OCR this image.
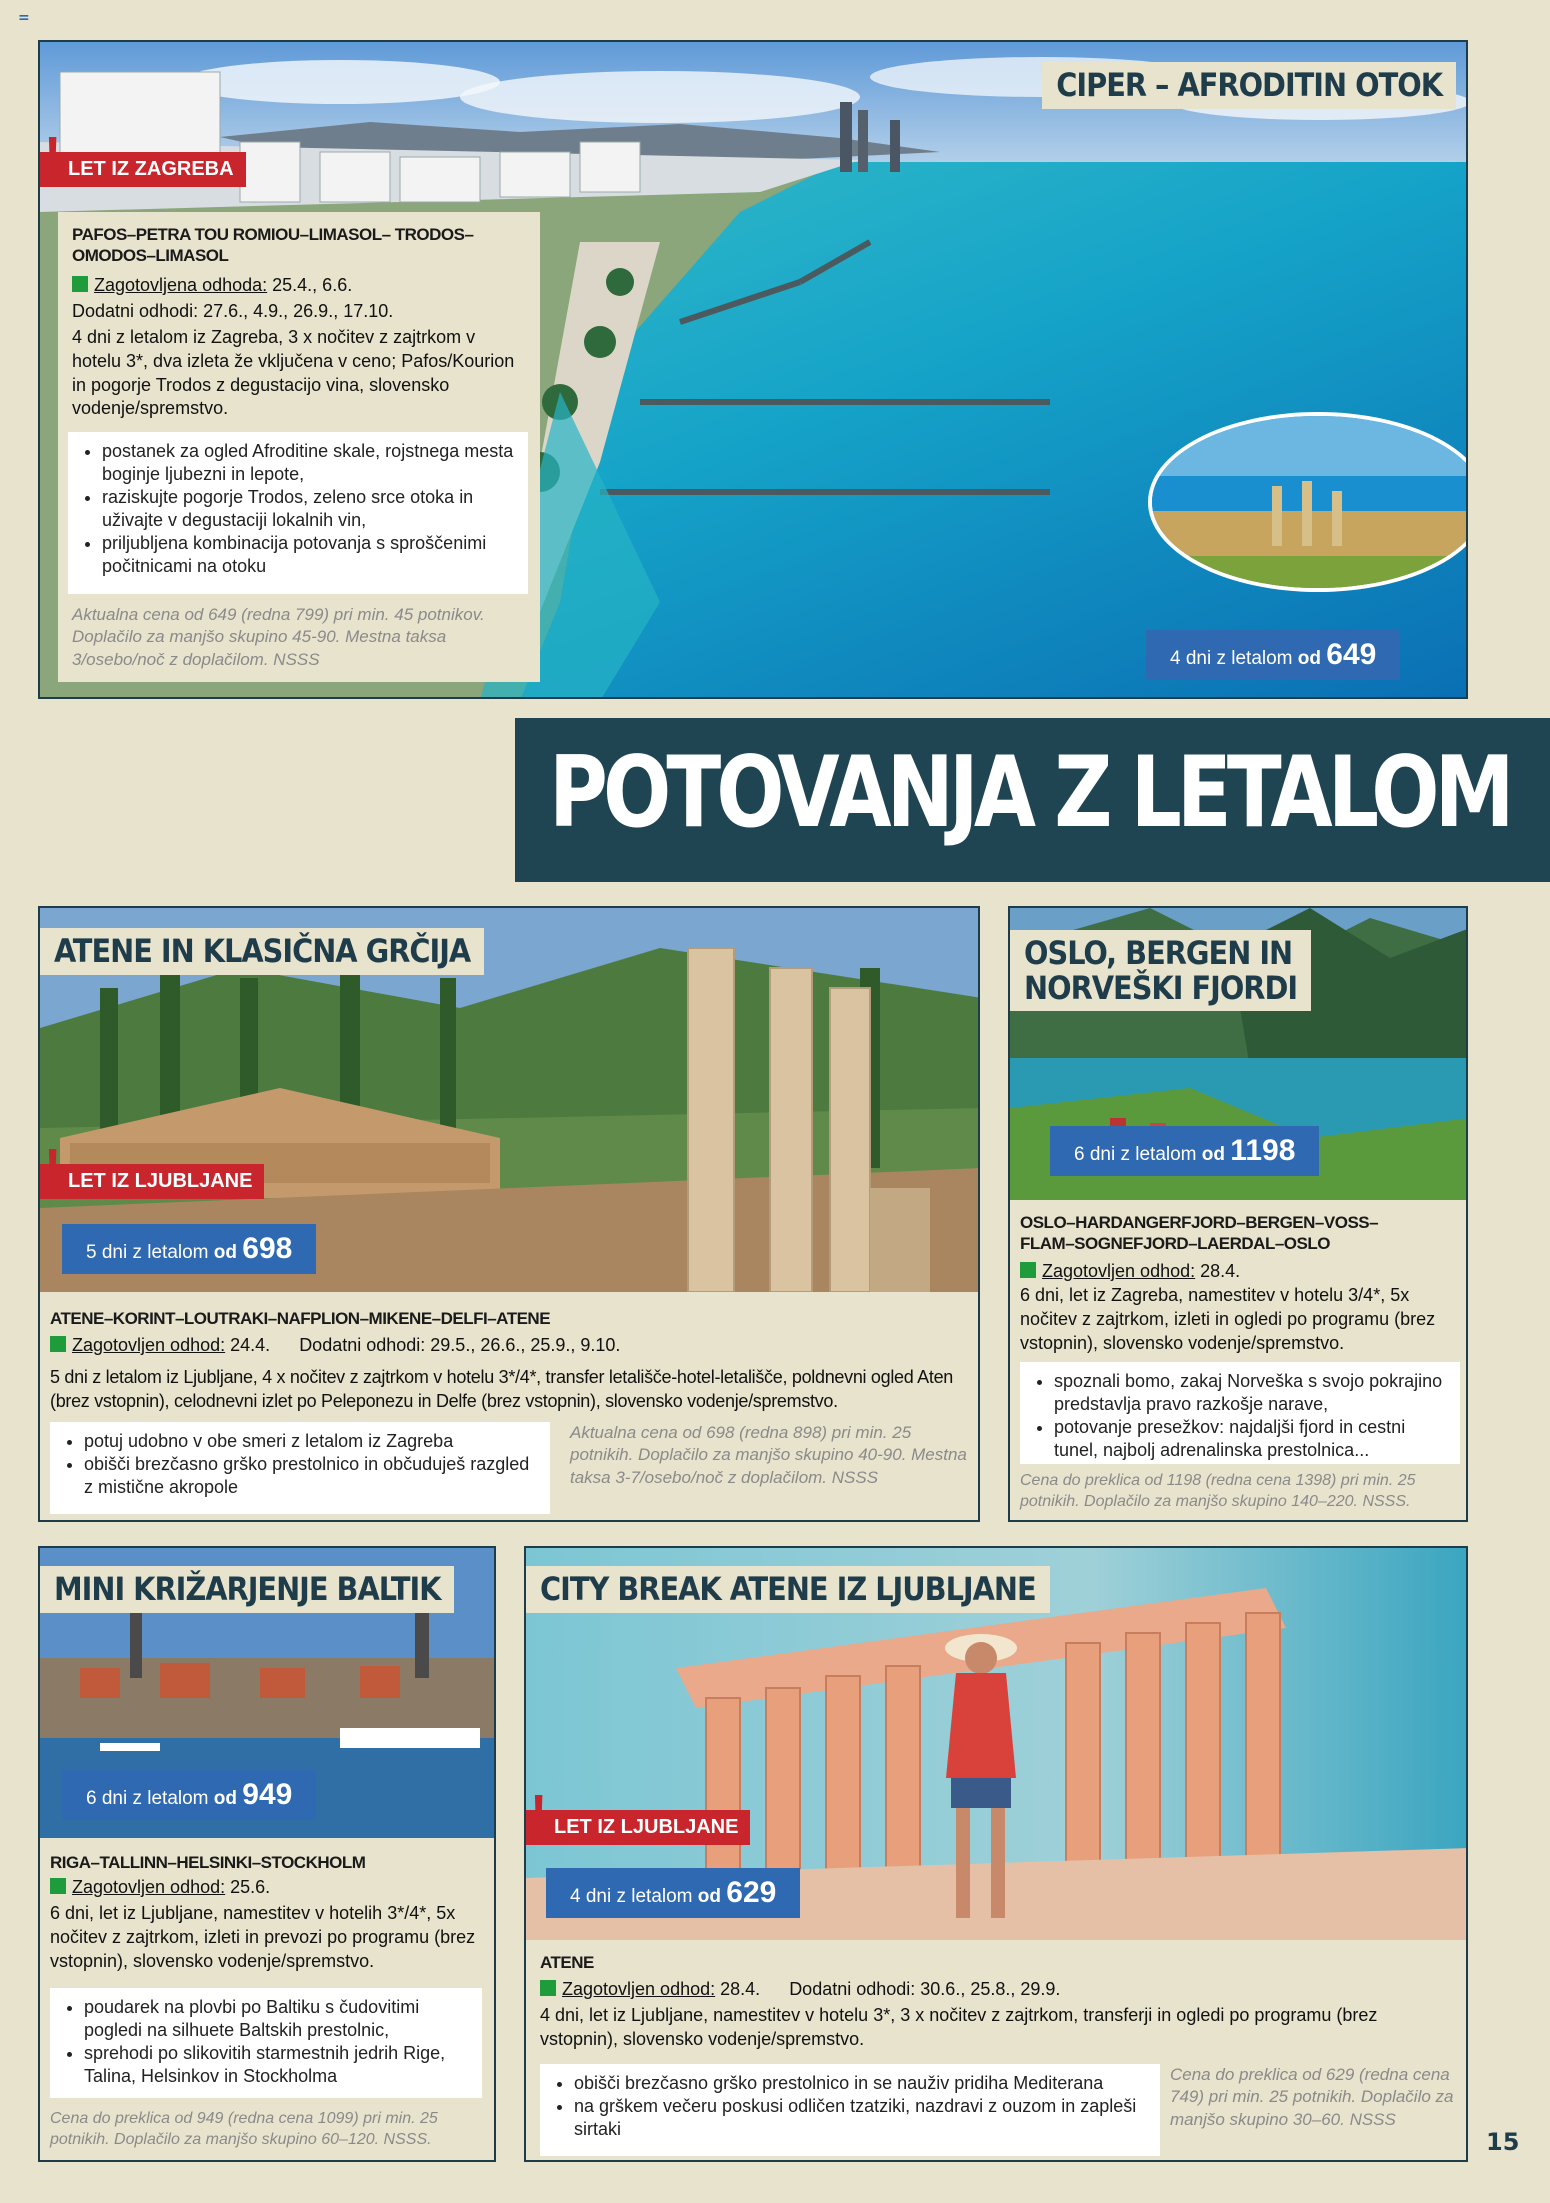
=
CIPER – AFRODITIN OTOK
! LET IZ ZAGREBA
PAFOS–PETRA TOU ROMIOU–LIMASOL– TRODOS–OMODOS–LIMASOL
Zagotovljena odhoda: 25.4., 6.6.
Dodatni odhodi: 27.6., 4.9., 26.9., 17.10.
4 dni z letalom iz Zagreba, 3 x nočitev z zajtrkom v hotelu 3*, dva izleta že vključena v ceno; Pafos/Kourion in pogorje Trodos z degustacijo vina, slovensko vodenje/spremstvo.
• postanek za ogled Afroditine skale, rojstnega mesta boginje ljubezni in lepote,
• raziskujte pogorje Trodos, zeleno srce otoka in uživajte v degustaciji lokalnih vin,
• priljubljena kombinacija potovanja s sproščenimi počitnicami na otoku
Aktualna cena od 649 (redna 799) pri min. 45 potnikov. Doplačilo za manjšo skupino 45-90. Mestna taksa 3/osebo/noč z doplačilom. NSSS	4 dni z letalom od 649
POTOVANJA Z LETALOM
ATENE IN KLASIČNA GRČIJA
! LET IZ LJUBLJANE
5 dni z letalom od 698
ATENE–KORINT–LOUTRAKI–NAFPLION–MIKENE–DELFI–ATENE
Zagotovljen odhod: 24.4. Dodatni odhodi: 29.5., 26.6., 25.9., 9.10.
5 dni z letalom iz Ljubljane, 4 x nočitev z zajtrkom v hotelu 3*/4*, transfer letališče-hotel-letališče, poldnevni ogled Aten (brez vstopnin), celodnevni izlet po Peleponezu in Delfe (brez vstopnin), slovensko vodenje/spremstvo.
• potuj udobno v obe smeri z letalom iz Zagreba
• obišči brezčasno grško prestolnico in občuduješ razgled z mistične akropole
Aktualna cena od 698 (redna 898) pri min. 25 potnikih. Doplačilo za manjšo skupino 40-90. Mestna taksa 3-7/osebo/noč z doplačilom. NSSS
OSLO, BERGEN IN
NORVEŠKI FJORDI
6 dni z letalom od 1198
OSLO–HARDANGERFJORD–BERGEN–VOSS–FLAM–SOGNEFJORD–LAERDAL–OSLO
Zagotovljen odhod: 28.4.
6 dni, let iz Zagreba, namestitev v hotelu 3/4*, 5x nočitev z zajtrkom, izleti in ogledi po programu (brez vstopnin), slovensko vodenje/spremstvo.
• spoznali bomo, zakaj Norveška s svojo pokrajino predstavlja pravo razkošje narave,
• potovanje presežkov: najdaljši fjord in cestni tunel, najbolj adrenalinska prestolnica...
Cena do preklica od 1198 (redna cena 1398) pri min. 25 potnikih. Doplačilo za manjšo skupino 140–220. NSSS.
MINI KRIŽARJENJE BALTIK
6 dni z letalom od 949
RIGA–TALLINN–HELSINKI–STOCKHOLM
Zagotovljen odhod: 25.6.
6 dni, let iz Ljubljane, namestitev v hotelih 3*/4*, 5x nočitev z zajtrkom, izleti in prevozi po programu (brez vstopnin), slovensko vodenje/spremstvo.
• poudarek na plovbi po Baltiku s čudovitimi pogledi na silhuete Baltskih prestolnic,
• sprehodi po slikovitih starmestnih jedrih Rige, Talina, Helsinkov in Stockholma
Cena do preklica od 949 (redna cena 1099) pri min. 25 potnikih. Doplačilo za manjšo skupino 60–120. NSSS.
CITY BREAK ATENE IZ LJUBLJANE
! LET IZ LJUBLJANE
4 dni z letalom od 629
ATENE
Zagotovljen odhod: 28.4. Dodatni odhodi: 30.6., 25.8., 29.9.
4 dni, let iz Ljubljane, namestitev v hotelu 3*, 3 x nočitev z zajtrkom, transferji in ogledi po programu (brez vstopnin), slovensko vodenje/spremstvo.
• obišči brezčasno grško prestolnico in se nauživ pridiha Mediterana
• na grškem večeru poskusi odličen tzatziki, nazdravi z ouzom in zapleši sirtaki
Cena do preklica od 629 (redna cena 749) pri min. 25 potnikih. Doplačilo za manjšo skupino 30–60. NSSS
15
